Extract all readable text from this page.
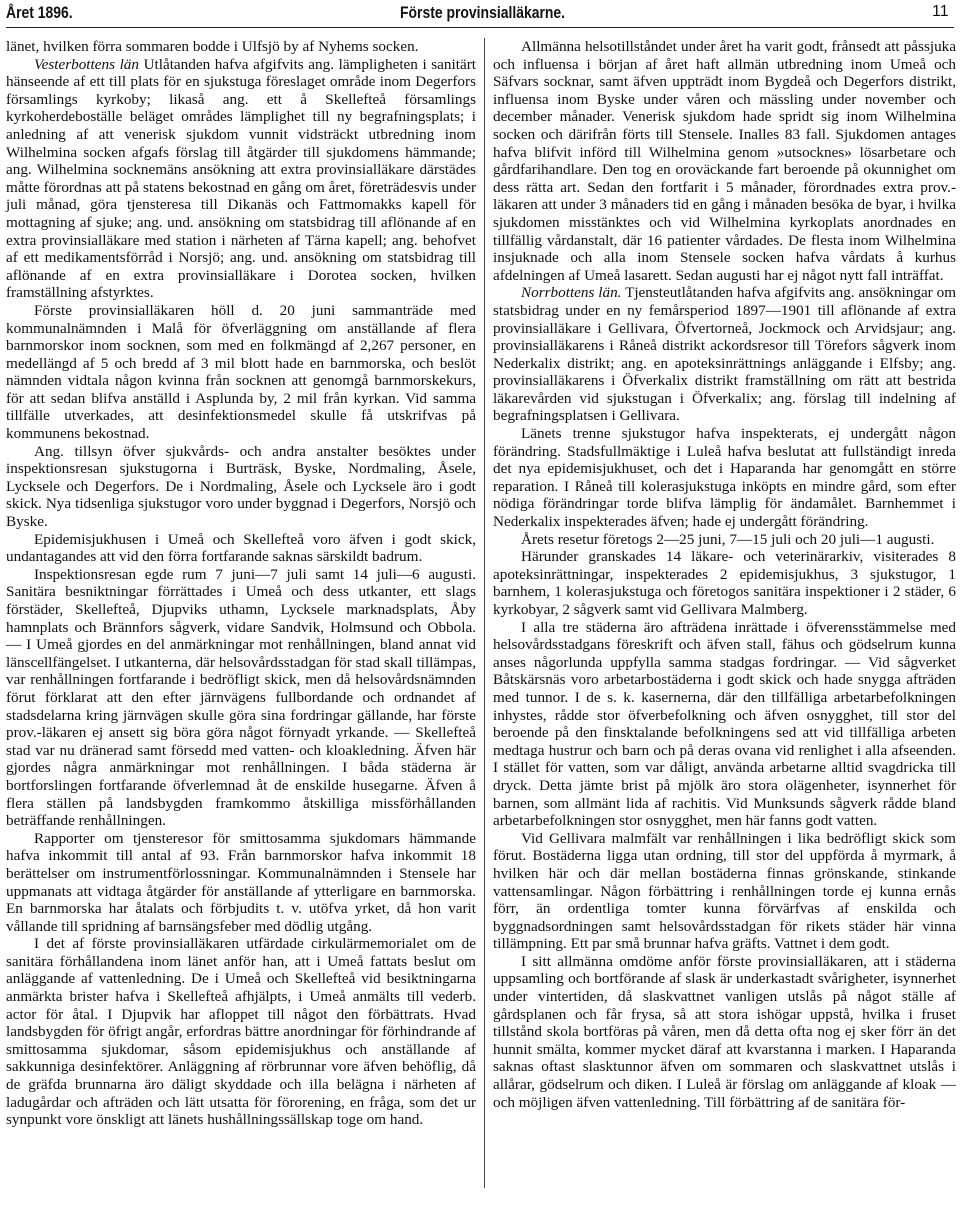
Året 1896.	Förste provinsialläkarne.	11

länet, hvilken förra sommaren bodde i Ulfsjö by af Nyhems socken.

Vesterbottens län Utlåtanden hafva afgifvits ang. lämpligheten i sanitärt hänseende af ett till plats för en sjukstuga föreslaget område inom Degerfors församlings kyrkoby; likaså ang. ett å Skellefteå församlings kyrkoherdeboställe beläget områdes lämplighet till ny begrafningsplats; i anledning af att venerisk sjukdom vunnit vidsträckt utbredning inom Wilhelmina socken afgafs förslag till åtgärder till sjukdomens hämmande; ang. Wilhelmina socknemäns ansökning att extra provinsialläkare därstädes måtte förordnas att på statens bekostnad en gång om året, företrädesvis under juli månad, göra tjensteresa till Dikanäs och Fattmomakks kapell för mottagning af sjuke; ang. und. ansökning om statsbidrag till aflönande af en extra provinsialläkare med station i närheten af Tärna kapell; ang. behofvet af ett medikamentsförråd i Norsjö; ang. und. ansökning om statsbidrag till aflönande af en extra provinsialläkare i Dorotea socken, hvilken framställning afstyrktes.

Förste provinsialläkaren höll d. 20 juni sammanträde med kommunalnämnden i Malå för öfverläggning om anställande af flera barnmorskor inom socknen, som med en folkmängd af 2,267 personer, en medellängd af 5 och bredd af 3 mil blott hade en barnmorska, och beslöt nämnden vidtala någon kvinna från socknen att genomgå barnmorskekurs, för att sedan blifva anställd i Asplunda by, 2 mil från kyrkan. Vid samma tillfälle utverkades, att desinfektionsmedel skulle få utskrifvas på kommunens bekostnad.

Ang. tillsyn öfver sjukvårds- och andra anstalter besöktes under inspektionsresan sjukstugorna i Burträsk, Byske, Nordmaling, Åsele, Lycksele och Degerfors. De i Nordmaling, Åsele och Lycksele äro i godt skick. Nya tidsenliga sjukstugor voro under byggnad i Degerfors, Norsjö och Byske.

Epidemisjukhusen i Umeå och Skellefteå voro äfven i godt skick, undantagandes att vid den förra fortfarande saknas särskildt badrum.

Inspektionsresan egde rum 7 juni—7 juli samt 14 juli—6 augusti. Sanitära besniktningar förrättades i Umeå och dess utkanter, ett slags förstäder, Skellefteå, Djupviks uthamn, Lycksele marknadsplats, Åby hamnplats och Brännfors sågverk, vidare Sandvik, Holmsund och Obbola. — I Umeå gjordes en del anmärkningar mot renhållningen, bland annat vid länscellfängelset. I utkanterna, där helsovårdsstadgan för stad skall tillämpas, var renhållningen fortfarande i bedröfligt skick, men då helsovårdsnämnden förut förklarat att den efter järnvägens fullbordande och ordnandet af stadsdelarna kring järnvägen skulle göra sina fordringar gällande, har förste prov.-läkaren ej ansett sig böra göra något förnyadt yrkande. — Skellefteå stad var nu dränerad samt försedd med vatten- och kloakledning. Äfven här gjordes några anmärkningar mot renhållningen. I båda städerna är bortforslingen fortfarande öfverlemnad åt de enskilde husegarne. Äfven å flera ställen på landsbygden framkommo åtskilliga missförhållanden beträffande renhållningen.

Rapporter om tjensteresor för smittosamma sjukdomars hämmande hafva inkommit till antal af 93. Från barnmorskor hafva inkommit 18 berättelser om instrumentförlossningar. Kommunalnämnden i Stensele har uppmanats att vidtaga åtgärder för anställande af ytterligare en barnmorska. En barnmorska har åtalats och förbjudits t. v. utöfva yrket, då hon varit vållande till spridning af barnsängsfeber med dödlig utgång.

I det af förste provinsialläkaren utfärdade cirkulärmemorialet om de sanitära förhållandena inom länet anför han, att i Umeå fattats beslut om anläggande af vattenledning. De i Umeå och Skellefteå vid besiktningarna anmärkta brister hafva i Skellefteå afhjälpts, i Umeå anmälts till vederb. actor för åtal. I Djupvik har afloppet till något den förbättrats. Hvad landsbygden för öfrigt angår, erfordras bättre anordningar för förhindrande af smittosamma sjukdomar, såsom epidemisjukhus och anställande af sakkunniga desinfektörer. Anläggning af rörbrunnar vore äfven behöflig, då de gräfda brunnarna äro däligt skyddade och illa belägna i närheten af ladugårdar och afträden och lätt utsatta för förorening, en fråga, som det ur synpunkt vore önskligt att länets hushållningssällskap toge om hand.

Allmänna helsotillståndet under året ha varit godt, frånsedt att påssjuka och influensa i början af året haft allmän utbredning inom Umeå och Säfvars socknar, samt äfven uppträdt inom Bygdeå och Degerfors distrikt, influensa inom Byske under våren och mässling under november och december månader. Venerisk sjukdom hade spridt sig inom Wilhelmina socken och därifrån förts till Stensele. Inalles 83 fall. Sjukdomen antages hafva blifvit införd till Wilhelmina genom »utsocknes» lösarbetare och gårdfarihandlare. Den tog en oroväckande fart beroende på okunnighet om dess rätta art. Sedan den fortfarit i 5 månader, förordnades extra prov.-läkaren att under 3 månaders tid en gång i månaden besöka de byar, i hvilka sjukdomen misstänktes och vid Wilhelmina kyrkoplats anordnades en tillfällig vårdanstalt, där 16 patienter vårdades. De flesta inom Wilhelmina insjuknade och alla inom Stensele socken hafva vårdats å kurhus afdelningen af Umeå lasarett. Sedan augusti har ej något nytt fall inträffat.

Norrbottens län. Tjensteutlåtanden hafva afgifvits ang. ansökningar om statsbidrag under en ny femårsperiod 1897—1901 till aflönande af extra provinsialläkare i Gellivara, Öfvertorneå, Jockmock och Arvidsjaur; ang. provinsialläkarens i Råneå distrikt ackordsresor till Törefors sågverk inom Nederkalix distrikt; ang. en apoteksinrättnings anläggande i Elfsby; ang. provinsialläkarens i Öfverkalix distrikt framställning om rätt att bestrida läkarevården vid sjukstugan i Öfverkalix; ang. förslag till indelning af begrafningsplatsen i Gellivara.

Länets trenne sjukstugor hafva inspekterats, ej undergått någon förändring. Stadsfullmäktige i Luleå hafva beslutat att fullständigt inreda det nya epidemisjukhuset, och det i Haparanda har genomgått en större reparation. I Råneå till kolerasjukstuga inköpts en mindre gård, som efter nödiga förändringar torde blifva lämplig för ändamålet. Barnhemmet i Nederkalix inspekterades äfven; hade ej undergått förändring.

Årets resetur företogs 2—25 juni, 7—15 juli och 20 juli—1 augusti.

Härunder granskades 14 läkare- och veterinärarkiv, visiterades 8 apoteksinrättningar, inspekterades 2 epidemisjukhus, 3 sjukstugor, 1 barnhem, 1 kolerasjukstuga och företogos sanitära inspektioner i 2 städer, 6 kyrkobyar, 2 sågverk samt vid Gellivara Malmberg.

I alla tre städerna äro afträdena inrättade i öfverensstämmelse med helsovårdsstadgans föreskrift och äfven stall, fähus och gödselrum kunna anses någorlunda uppfylla samma stadgas fordringar. — Vid sågverket Båtskärsnäs voro arbetarbostäderna i godt skick och hade snygga afträden med tunnor. I de s. k. kasernerna, där den tillfälliga arbetarbefolkningen inhystes, rådde stor öfverbefolkning och äfven osnygghet, till stor del beroende på den finsktalande befolkningens sed att vid tillfälliga arbeten medtaga hustrur och barn och på deras ovana vid renlighet i alla afseenden. I stället för vatten, som var dåligt, använda arbetarne alltid svagdricka till dryck. Detta jämte brist på mjölk äro stora olägenheter, isynnerhet för barnen, som allmänt lida af rachitis. Vid Munksunds sågverk rådde bland arbetarbefolkningen stor osnygghet, men här fanns godt vatten.

Vid Gellivara malmfält var renhållningen i lika bedröfligt skick som förut. Bostäderna ligga utan ordning, till stor del uppförda å myrmark, å hvilken här och där mellan bostäderna finnas grönskande, stinkande vattensamlingar. Någon förbättring i renhållningen torde ej kunna ernås förr, än ordentliga tomter kunna förvärfvas af enskilda och byggnadsordningen samt helsovårdsstadgan för rikets städer här vinna tillämpning. Ett par små brunnar hafva gräfts. Vattnet i dem godt.

I sitt allmänna omdöme anför förste provinsialläkaren, att i städerna uppsamling och bortförande af slask är underkastadt svårigheter, isynnerhet under vintertiden, då slaskvattnet vanligen utslås på något ställe af gårdsplanen och får frysa, så att stora ishögar uppstå, hvilka i fruset tillstånd skola bortföras på våren, men då detta ofta nog ej sker förr än det hunnit smälta, kommer mycket däraf att kvarstanna i marken. I Haparanda saknas oftast slasktunnor äfven om sommaren och slaskvattnet utslås i allårar, gödselrum och diken. I Luleå är förslag om anläggande af kloak — och möjligen äfven vattenledning. Till förbättring af de sanitära för-
